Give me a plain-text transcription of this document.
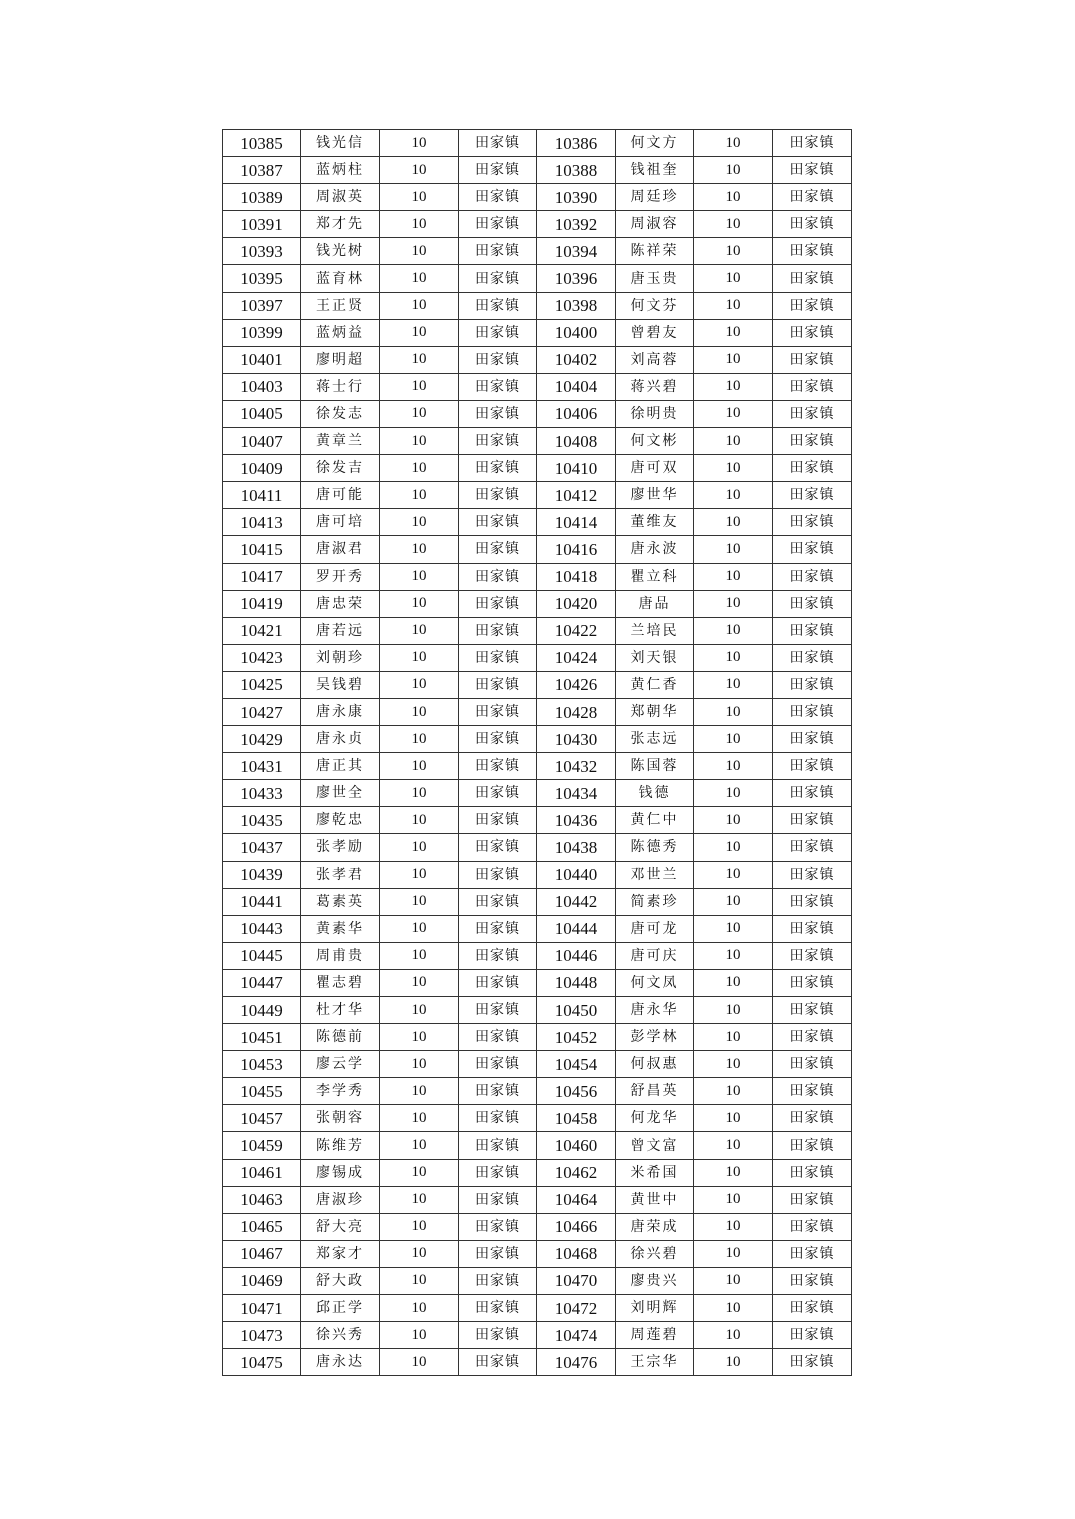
10385	钱光信	10	田家镇	10386	何文方	10	田家镇
10387	蓝炳柱	10	田家镇	10388	钱祖奎	10	田家镇
10389	周淑英	10	田家镇	10390	周廷珍	10	田家镇
10391	郑才先	10	田家镇	10392	周淑容	10	田家镇
10393	钱光树	10	田家镇	10394	陈祥荣	10	田家镇
10395	蓝育林	10	田家镇	10396	唐玉贵	10	田家镇
10397	王正贤	10	田家镇	10398	何文芬	10	田家镇
10399	蓝炳益	10	田家镇	10400	曾碧友	10	田家镇
10401	廖明超	10	田家镇	10402	刘高蓉	10	田家镇
10403	蒋士行	10	田家镇	10404	蒋兴碧	10	田家镇
10405	徐发志	10	田家镇	10406	徐明贵	10	田家镇
10407	黄章兰	10	田家镇	10408	何文彬	10	田家镇
10409	徐发吉	10	田家镇	10410	唐可双	10	田家镇
10411	唐可能	10	田家镇	10412	廖世华	10	田家镇
10413	唐可培	10	田家镇	10414	董维友	10	田家镇
10415	唐淑君	10	田家镇	10416	唐永波	10	田家镇
10417	罗开秀	10	田家镇	10418	瞿立科	10	田家镇
10419	唐忠荣	10	田家镇	10420	唐品	10	田家镇
10421	唐若远	10	田家镇	10422	兰培民	10	田家镇
10423	刘朝珍	10	田家镇	10424	刘天银	10	田家镇
10425	吴钱碧	10	田家镇	10426	黄仁香	10	田家镇
10427	唐永康	10	田家镇	10428	郑朝华	10	田家镇
10429	唐永贞	10	田家镇	10430	张志远	10	田家镇
10431	唐正其	10	田家镇	10432	陈国蓉	10	田家镇
10433	廖世全	10	田家镇	10434	钱德	10	田家镇
10435	廖乾忠	10	田家镇	10436	黄仁中	10	田家镇
10437	张孝励	10	田家镇	10438	陈德秀	10	田家镇
10439	张孝君	10	田家镇	10440	邓世兰	10	田家镇
10441	葛素英	10	田家镇	10442	简素珍	10	田家镇
10443	黄素华	10	田家镇	10444	唐可龙	10	田家镇
10445	周甫贵	10	田家镇	10446	唐可庆	10	田家镇
10447	瞿志碧	10	田家镇	10448	何文凤	10	田家镇
10449	杜才华	10	田家镇	10450	唐永华	10	田家镇
10451	陈德前	10	田家镇	10452	彭学林	10	田家镇
10453	廖云学	10	田家镇	10454	何叔惠	10	田家镇
10455	李学秀	10	田家镇	10456	舒昌英	10	田家镇
10457	张朝容	10	田家镇	10458	何龙华	10	田家镇
10459	陈维芳	10	田家镇	10460	曾文富	10	田家镇
10461	廖锡成	10	田家镇	10462	米希国	10	田家镇
10463	唐淑珍	10	田家镇	10464	黄世中	10	田家镇
10465	舒大亮	10	田家镇	10466	唐荣成	10	田家镇
10467	郑家才	10	田家镇	10468	徐兴碧	10	田家镇
10469	舒大政	10	田家镇	10470	廖贵兴	10	田家镇
10471	邱正学	10	田家镇	10472	刘明辉	10	田家镇
10473	徐兴秀	10	田家镇	10474	周莲碧	10	田家镇
10475	唐永达	10	田家镇	10476	王宗华	10	田家镇
